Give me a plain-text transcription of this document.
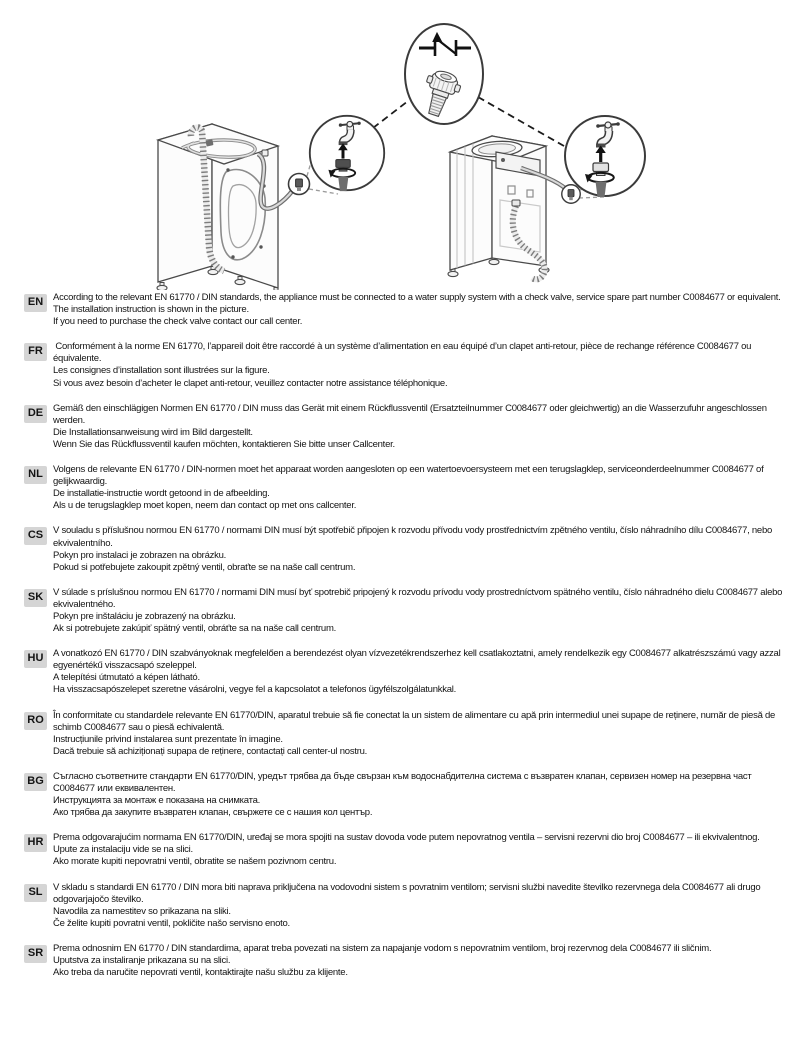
EN	According to the relevant EN 61770 / DIN standards, the appliance must be connected to a water supply system with a check valve, service spare part number C0084677 or equivalent.

The installation instruction is shown in the picture.

If you need to purchase the check valve contact our call center.

FR	Conformément à la norme EN 61770, l’appareil doit être raccordé à un système d’alimentation en eau équipé d’un clapet anti-retour, pièce de rechange référence C0084677 ou équivalente.

Les consignes d’installation sont illustrées sur la figure.

Si vous avez besoin d’acheter le clapet anti-retour, veuillez contacter notre assistance téléphonique.

DE	Gemäß den einschlägigen Normen EN 61770 / DIN muss das Gerät mit einem Rückflussventil (Ersatzteilnummer C0084677 oder gleichwertig) an die Wasserzufuhr angeschlossen werden.

Die Installationsanweisung wird im Bild dargestellt.

Wenn Sie das Rückflussventil kaufen möchten, kontaktieren Sie bitte unser Callcenter.

NL	Volgens de relevante EN 61770 / DIN-normen moet het apparaat worden aangesloten op een watertoevoersysteem met een terugslagklep, serviceonderdeelnummer C0084677 of gelijkwaardig.

De installatie-instructie wordt getoond in de afbeelding.

Als u de terugslagklep moet kopen, neem dan contact op met ons callcenter.

CS	V souladu s příslušnou normou EN 61770 / normami DIN musí být spotřebič připojen k rozvodu přívodu vody prostřednictvím zpětného ventilu, číslo náhradního dílu C0084677, nebo ekvivalentního.

Pokyn pro instalaci je zobrazen na obrázku.

Pokud si potřebujete zakoupit zpětný ventil, obraťte se na naše call centrum.

SK	V súlade s príslušnou normou EN 61770 / normami DIN musí byť spotrebič pripojený k rozvodu prívodu vody prostredníctvom spätného ventilu, číslo náhradného dielu C0084677 alebo ekvivalentného.

Pokyn pre inštaláciu je zobrazený na obrázku.

Ak si potrebujete zakúpiť spätný ventil, obráťte sa na naše call centrum.

HU	A vonatkozó EN 61770 / DIN szabványoknak megfelelően a berendezést olyan vízvezetékrendszerhez kell csatlakoztatni, amely rendelkezik egy C0084677 alkatrészszámú vagy azzal egyenértékű visszacsapó szeleppel.

A telepítési útmutató a képen látható.

Ha visszacsapószelepet szeretne vásárolni, vegye fel a kapcsolatot a telefonos ügyfélszolgálatunkkal.

RO În conformitate cu standardele relevante EN 61770/DIN, aparatul trebuie să fie conectat la un sistem de alimentare cu apă prin intermediul unei supape de reținere, număr de piesă de schimb C0084677 sau o piesă echivalentă.

Instrucțiunile privind instalarea sunt prezentate în imagine.

Dacă trebuie să achiziționați supapa de reținere, contactați call center-ul nostru.

BG Съгласно съответните стандарти EN 61770/DIN, уредът трябва да бъде свързан към водоснабдителна система с възвратен клапан, сервизен номер на резервна част C0084677 или еквивалентен.

Инструкцията за монтаж е показана на снимката.

Ако трябва да закупите възвратен клапан, свържете се с нашия кол център.

HR	Prema odgovarajućim normama EN 61770/DIN, uređaj se mora spojiti na sustav dovoda vode putem nepovratnog ventila – servisni rezervni dio broj C0084677 – ili ekvivalentnog.

Upute za instalaciju vide se na slici.

Ako morate kupiti nepovratni ventil, obratite se našem pozivnom centru.

SL	V skladu s standardi EN 61770 / DIN mora biti naprava priključena na vodovodni sistem s povratnim ventilom; servisni službi navedite številko rezervnega dela C0084677 ali drugo odgovarjajočo številko.

Navodila za namestitev so prikazana na sliki.

Če želite kupiti povratni ventil, pokličite našo servisno enoto.

SR	Prema odnosnim EN 61770 / DIN standardima, aparat treba povezati na sistem za napajanje vodom s nepovratnim ventilom, broj rezervnog dela C0084677 ili sličnim.

Uputstva za instaliranje prikazana su na slici.

Ako treba da naručite nepovrati ventil, kontaktirajte našu službu za klijente.
